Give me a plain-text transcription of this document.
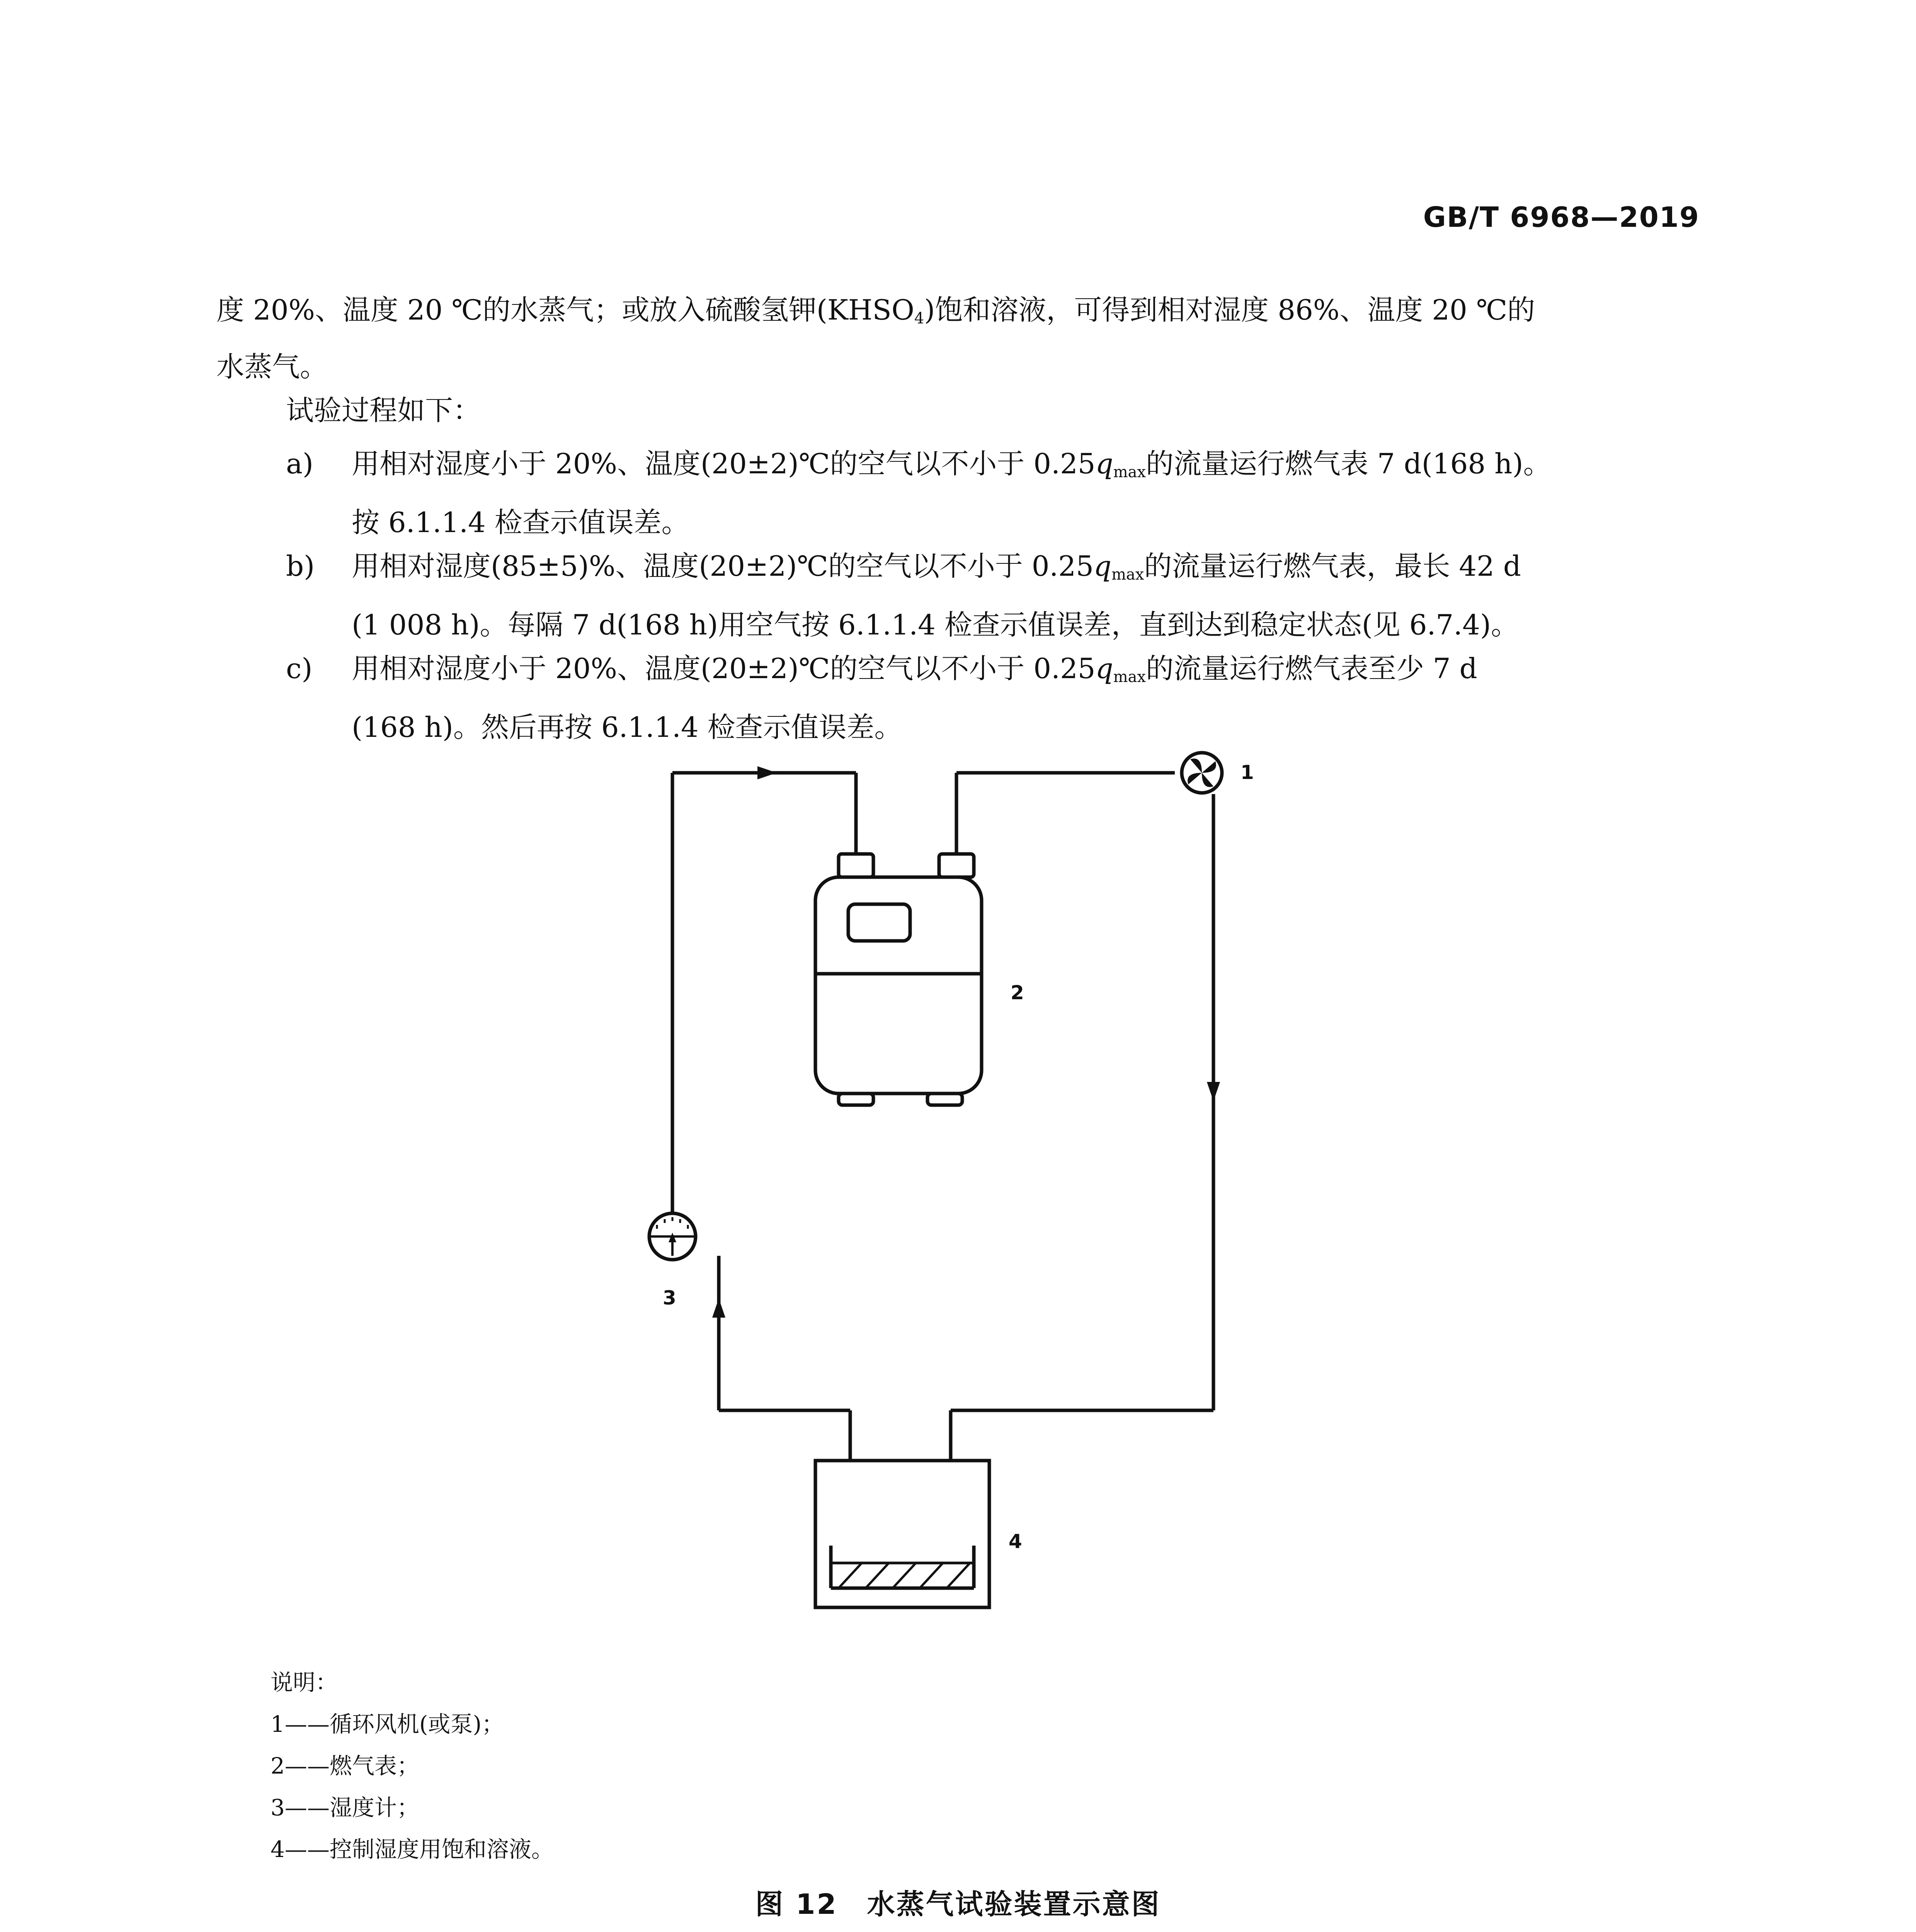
GB/T 6968—2019
度 20%、温度 20 ℃的水蒸气；或放入硫酸氢钾$(KHSO_4)$饱和溶液，可得到相对湿度 86%、温度 20 ℃的
水蒸气。
试验过程如下：
a)	用相对湿度小于 20%、温度(20±2)℃的空气以不小于 $0.25q_{max}$的流量运行燃气表 7 d(168 h)。
按 6.1.1.4 检查示值误差。
b)	用相对湿度(85±5)%、温度(20±2)℃的空气以不小于 $0.25q_{max}$的流量运行燃气表，最长 42 d
(1 008 h)。每隔 7 d(168 h)用空气按 6.1.1.4 检查示值误差，直到达到稳定状态(见 6.7.4)。
c)	用相对湿度小于 20%、温度(20±2)℃的空气以不小于 $0.25q_{max}$的流量运行燃气表至少 7 d
(168 h)。然后再按 6.1.1.4 检查示值误差。
1
2
3
4
说明：
1——循环风机(或泵)；
2——燃气表；
3——湿度计；
4——控制湿度用饱和溶液。
图 12　水蒸气试验装置示意图
